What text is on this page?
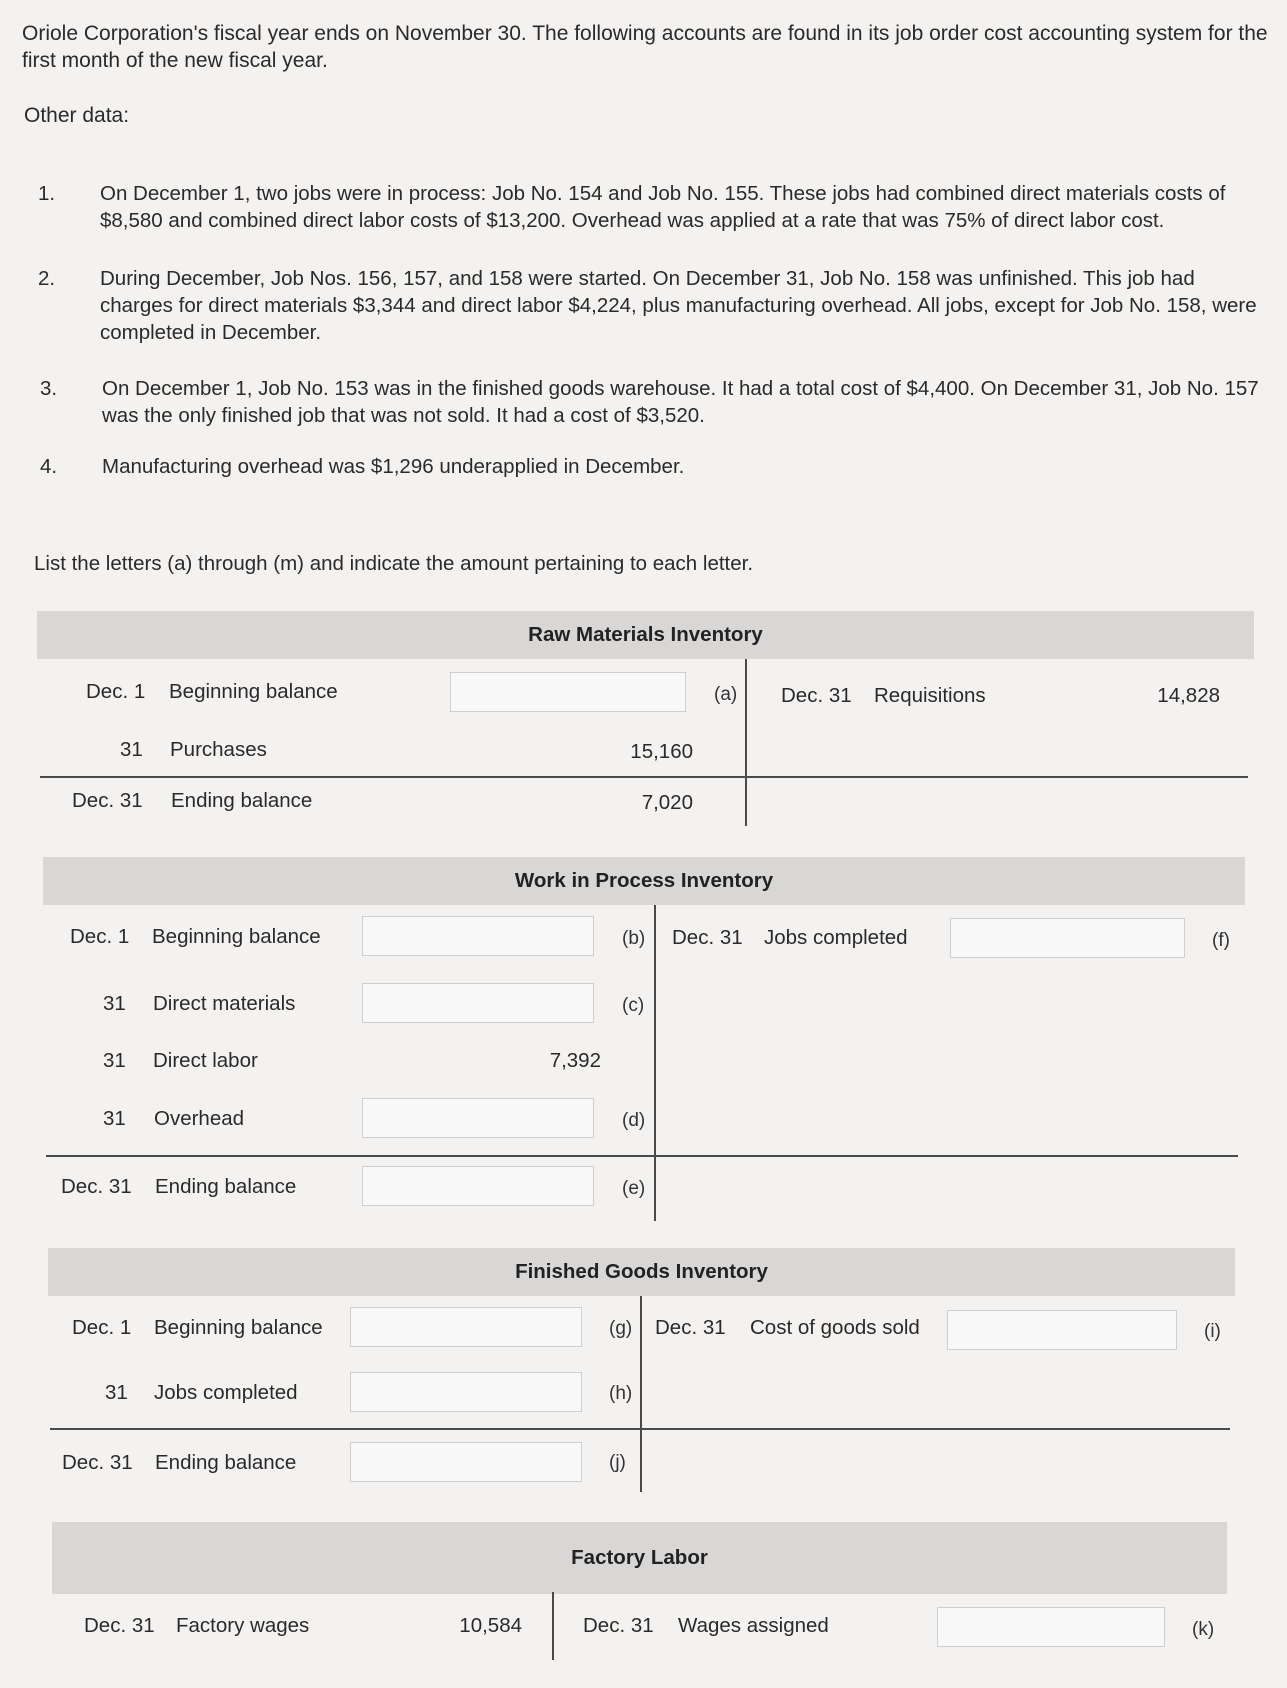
Oriole Corporation's fiscal year ends on November 30. The following accounts are found in its job order cost accounting system for the first month of the new fiscal year.
Other data:
1. On December 1, two jobs were in process: Job No. 154 and Job No. 155. These jobs had combined direct materials costs of $8,580 and combined direct labor costs of $13,200. Overhead was applied at a rate that was 75% of direct labor cost.
2. During December, Job Nos. 156, 157, and 158 were started. On December 31, Job No. 158 was unfinished. This job had charges for direct materials $3,344 and direct labor $4,224, plus manufacturing overhead. All jobs, except for Job No. 158, were completed in December.
3. On December 1, Job No. 153 was in the finished goods warehouse. It had a total cost of $4,400. On December 31, Job No. 157 was the only finished job that was not sold. It had a cost of $3,520.
4. Manufacturing overhead was $1,296 underapplied in December.
List the letters (a) through (m) and indicate the amount pertaining to each letter.
Raw Materials Inventory
Dec. 1 Beginning balance	(a)
31 Purchases	15,160
Dec. 31 Ending balance	7,020
Dec. 31 Requisitions	14,828
Work in Process Inventory
Dec. 1 Beginning balance	(b)
31 Direct materials	(c)
31 Direct labor	7,392
31 Overhead	(d)
Dec. 31 Ending balance	(e)
Dec. 31 Jobs completed	(f)
Finished Goods Inventory
Dec. 1 Beginning balance	(g)
31 Jobs completed	(h)
Dec. 31 Ending balance	(j)
Dec. 31 Cost of goods sold	(i)
Factory Labor
Dec. 31 Factory wages	10,584	Dec. 31 Wages assigned	(k)
